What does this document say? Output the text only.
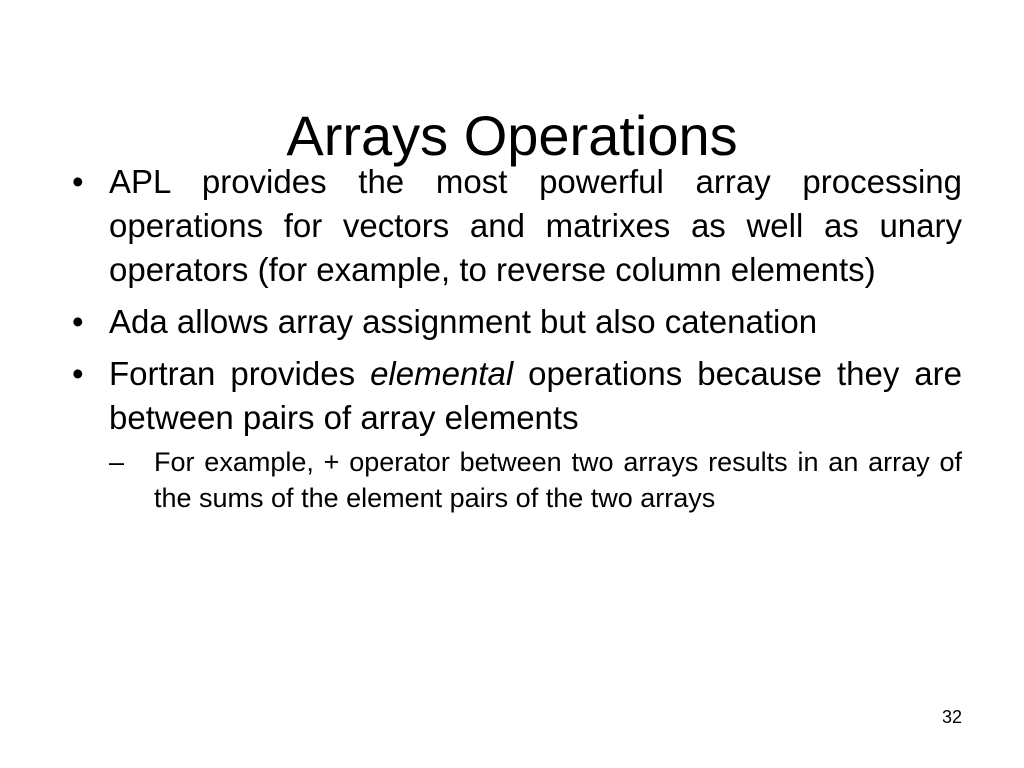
Arrays Operations
• APL provides the most powerful array processing operations for vectors and matrixes as well as unary operators (for example, to reverse column elements)
• Ada allows array assignment but also catenation
• Fortran provides elemental operations because they are between pairs of array elements
– For example, + operator between two arrays results in an array of the sums of the element pairs of the two arrays
32
